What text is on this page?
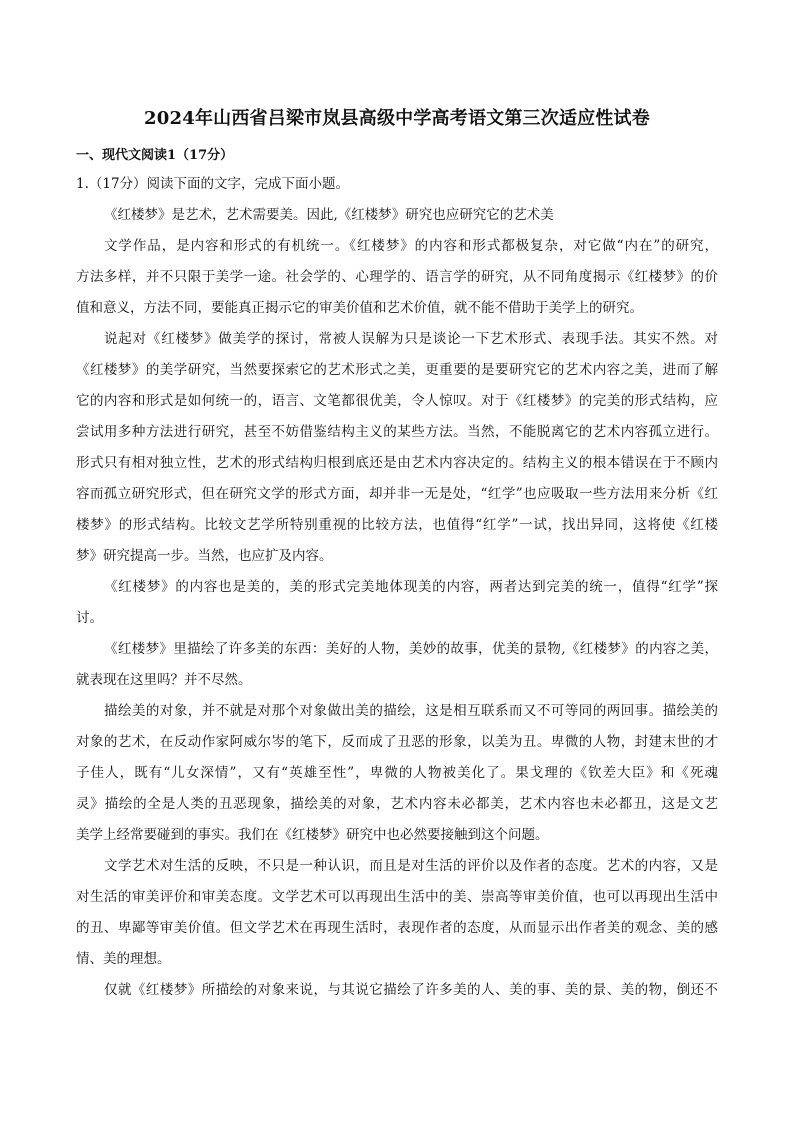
2024年山西省吕梁市岚县高级中学高考语文第三次适应性试卷
一、现代文阅读1（17分）
1.（17分）阅读下面的文字，完成下面小题。
《红楼梦》是艺术，艺术需要美。因此,《红楼梦》研究也应研究它的艺术美
文学作品，是内容和形式的有机统一。《红楼梦》的内容和形式都极复杂，对它做“内在”的研究，
方法多样，并不只限于美学一途。社会学的、心理学的、语言学的研究，从不同角度揭示《红楼梦》的价
值和意义，方法不同，要能真正揭示它的审美价值和艺术价值，就不能不借助于美学上的研究。
说起对《红楼梦》做美学的探讨，常被人误解为只是谈论一下艺术形式、表现手法。其实不然。对
《红楼梦》的美学研究，当然要探索它的艺术形式之美，更重要的是要研究它的艺术内容之美，进而了解
它的内容和形式是如何统一的，语言、文笔都很优美，令人惊叹。对于《红楼梦》的完美的形式结构，应
尝试用多种方法进行研究，甚至不妨借鉴结构主义的某些方法。当然，不能脱离它的艺术内容孤立进行。
形式只有相对独立性，艺术的形式结构归根到底还是由艺术内容决定的。结构主义的根本错误在于不顾内
容而孤立研究形式，但在研究文学的形式方面，却并非一无是处，“红学”也应吸取一些方法用来分析《红
楼梦》的形式结构。比较文艺学所特别重视的比较方法，也值得“红学”一试，找出异同，这将使《红楼
梦》研究提高一步。当然，也应扩及内容。
《红楼梦》的内容也是美的，美的形式完美地体现美的内容，两者达到完美的统一，值得“红学”探
讨。
《红楼梦》里描绘了许多美的东西：美好的人物，美妙的故事，优美的景物,《红楼梦》的内容之美，
就表现在这里吗？并不尽然。
描绘美的对象，并不就是对那个对象做出美的描绘，这是相互联系而又不可等同的两回事。描绘美的
对象的艺术，在反动作家阿威尔岑的笔下，反而成了丑恶的形象，以美为丑。卑微的人物，封建末世的才
子佳人，既有“儿女深情”，又有“英雄至性”，卑微的人物被美化了。果戈理的《钦差大臣》和《死魂
灵》描绘的全是人类的丑恶现象，描绘美的对象，艺术内容未必都美，艺术内容也未必都丑，这是文艺
美学上经常要碰到的事实。我们在《红楼梦》研究中也必然要接触到这个问题。
文学艺术对生活的反映，不只是一种认识，而且是对生活的评价以及作者的态度。艺术的内容，又是
对生活的审美评价和审美态度。文学艺术可以再现出生活中的美、崇高等审美价值，也可以再现出生活中
的丑、卑鄙等审美价值。但文学艺术在再现生活时，表现作者的态度，从而显示出作者美的观念、美的感
情、美的理想。
仅就《红楼梦》所描绘的对象来说，与其说它描绘了许多美的人、美的事、美的景、美的物，倒还不
